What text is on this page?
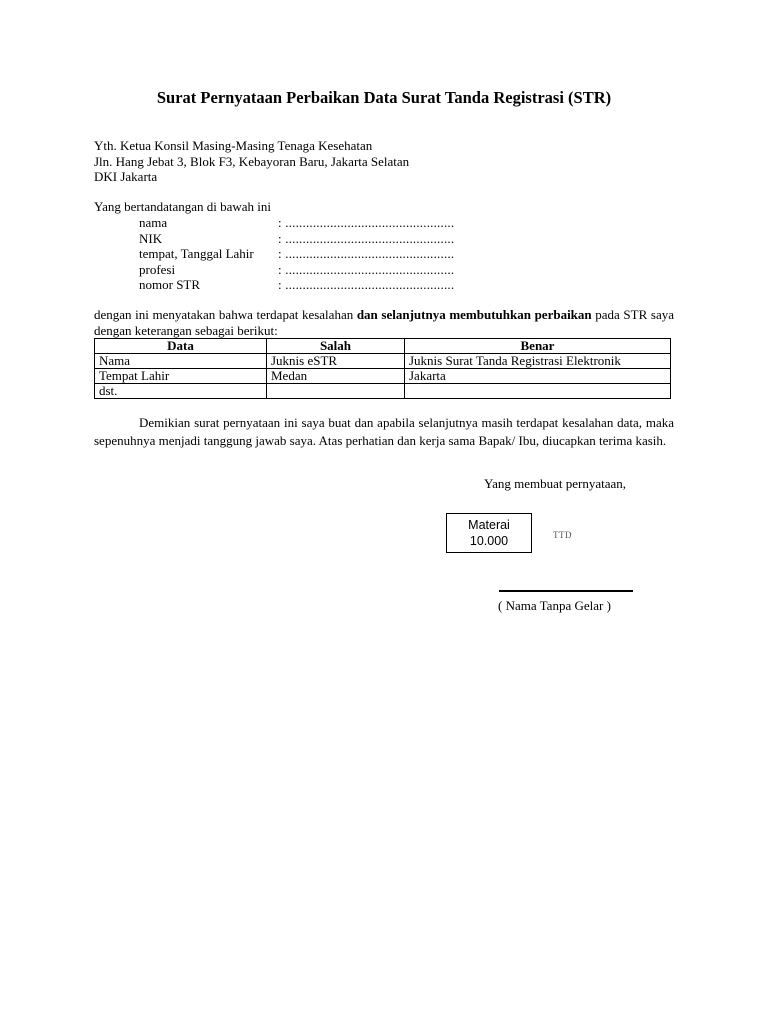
Surat Pernyataan Perbaikan Data Surat Tanda Registrasi (STR)
Yth. Ketua Konsil Masing-Masing Tenaga Kesehatan
Jln. Hang Jebat 3, Blok F3, Kebayoran Baru, Jakarta Selatan
DKI Jakarta
Yang bertandatangan di bawah ini
nama	: .................................................
NIK	: .................................................
tempat, Tanggal Lahir	: .................................................
profesi	: .................................................
nomor STR	: .................................................
dengan ini menyatakan bahwa terdapat kesalahan dan selanjutnya membutuhkan perbaikan pada STR saya dengan keterangan sebagai berikut:
Data	Salah	Benar
Nama	Juknis eSTR	Juknis Surat Tanda Registrasi Elektronik
Tempat Lahir	Medan	Jakarta
dst.		
Demikian surat pernyataan ini saya buat dan apabila selanjutnya masih terdapat kesalahan data, maka sepenuhnya menjadi tanggung jawab saya. Atas perhatian dan kerja sama Bapak/ Ibu, diucapkan terima kasih.
Yang membuat pernyataan,
Materai
10.000	TTD
( Nama Tanpa Gelar )
